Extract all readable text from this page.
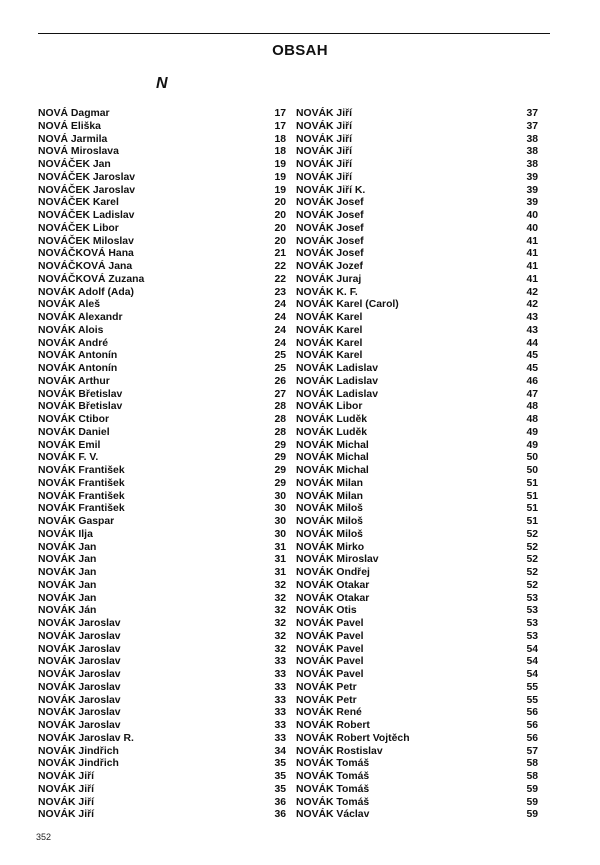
OBSAH
N
NOVÁ Dagmar	17
NOVÁ Eliška	17
NOVÁ Jarmila	18
NOVÁ Miroslava	18
NOVÁČEK Jan	19
NOVÁČEK Jaroslav	19
NOVÁČEK Jaroslav	19
NOVÁČEK Karel	20
NOVÁČEK Ladislav	20
NOVÁČEK Libor	20
NOVÁČEK Miloslav	20
NOVÁČKOVÁ Hana	21
NOVÁČKOVÁ Jana	22
NOVÁČKOVÁ Zuzana	22
NOVÁK Adolf (Ada)	23
NOVÁK Aleš	24
NOVÁK Alexandr	24
NOVÁK Alois	24
NOVÁK André	24
NOVÁK Antonín	25
NOVÁK Antonín	25
NOVÁK Arthur	26
NOVÁK Břetislav	27
NOVÁK Břetislav	28
NOVÁK Ctibor	28
NOVÁK Daniel	28
NOVÁK Emil	29
NOVÁK F. V.	29
NOVÁK František	29
NOVÁK František	29
NOVÁK František	30
NOVÁK František	30
NOVÁK Gaspar	30
NOVÁK Ilja	30
NOVÁK Jan	31
NOVÁK Jan	31
NOVÁK Jan	31
NOVÁK Jan	32
NOVÁK Jan	32
NOVÁK Ján	32
NOVÁK Jaroslav	32
NOVÁK Jaroslav	32
NOVÁK Jaroslav	32
NOVÁK Jaroslav	33
NOVÁK Jaroslav	33
NOVÁK Jaroslav	33
NOVÁK Jaroslav	33
NOVÁK Jaroslav	33
NOVÁK Jaroslav	33
NOVÁK Jaroslav R.	33
NOVÁK Jindřich	34
NOVÁK Jindřich	35
NOVÁK Jiří	35
NOVÁK Jiří	35
NOVÁK Jiří	36
NOVÁK Jiří	36
NOVÁK Jiří	37
NOVÁK Jiří	37
NOVÁK Jiří	38
NOVÁK Jiří	38
NOVÁK Jiří	38
NOVÁK Jiří	39
NOVÁK Jiří K.	39
NOVÁK Josef	39
NOVÁK Josef	40
NOVÁK Josef	40
NOVÁK Josef	41
NOVÁK Josef	41
NOVÁK Jozef	41
NOVÁK Juraj	41
NOVÁK K. F.	42
NOVÁK Karel (Carol)	42
NOVÁK Karel	43
NOVÁK Karel	43
NOVÁK Karel	44
NOVÁK Karel	45
NOVÁK Ladislav	45
NOVÁK Ladislav	46
NOVÁK Ladislav	47
NOVÁK Libor	48
NOVÁK Luděk	48
NOVÁK Luděk	49
NOVÁK Michal	49
NOVÁK Michal	50
NOVÁK Michal	50
NOVÁK Milan	51
NOVÁK Milan	51
NOVÁK Miloš	51
NOVÁK Miloš	51
NOVÁK Miloš	52
NOVÁK Mirko	52
NOVÁK Miroslav	52
NOVÁK Ondřej	52
NOVÁK Otakar	52
NOVÁK Otakar	53
NOVÁK Otis	53
NOVÁK Pavel	53
NOVÁK Pavel	53
NOVÁK Pavel	54
NOVÁK Pavel	54
NOVÁK Pavel	54
NOVÁK Petr	55
NOVÁK Petr	55
NOVÁK René	56
NOVÁK Robert	56
NOVÁK Robert Vojtěch	56
NOVÁK Rostislav	57
NOVÁK Tomáš	58
NOVÁK Tomáš	58
NOVÁK Tomáš	59
NOVÁK Tomáš	59
NOVÁK Václav	59
352
